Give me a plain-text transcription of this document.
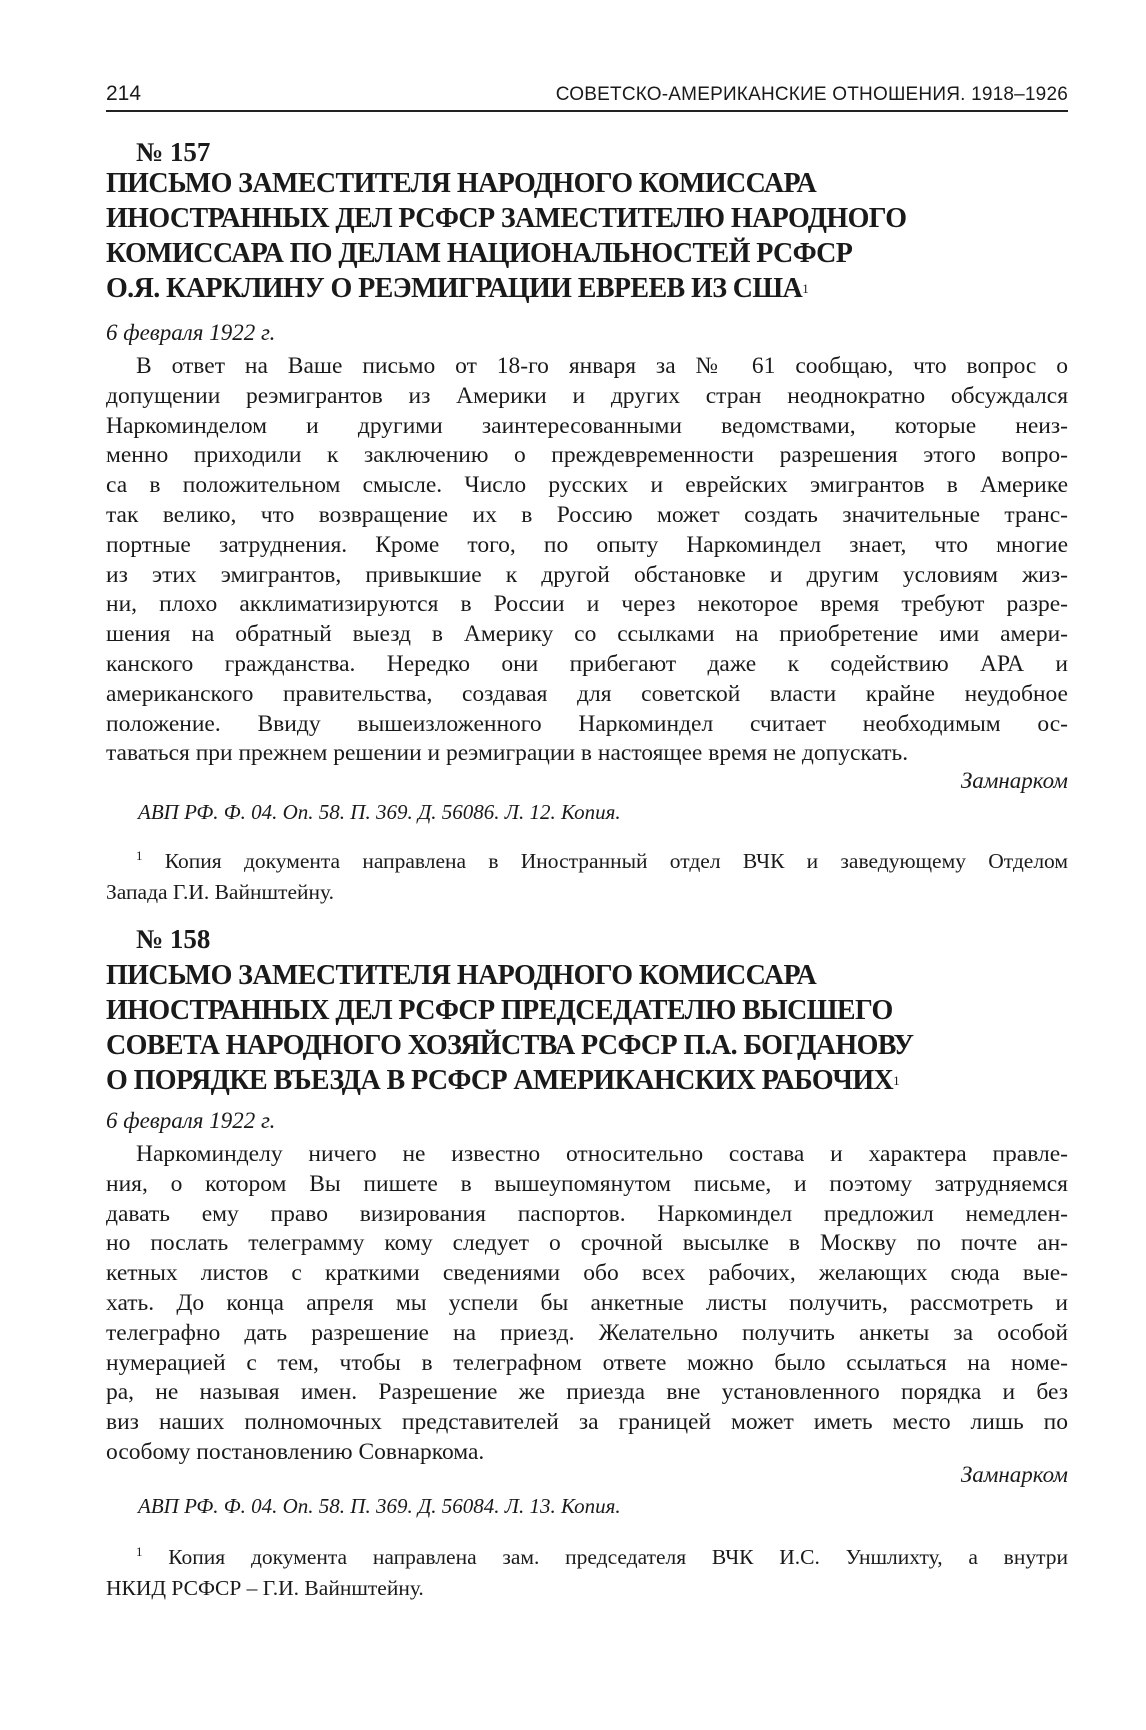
214	СОВЕТСКО-АМЕРИКАНСКИЕ ОТНОШЕНИЯ. 1918–1926
№ 157
ПИСЬМО ЗАМЕСТИТЕЛЯ НАРОДНОГО КОМИССАРА
ИНОСТРАННЫХ ДЕЛ РСФСР ЗАМЕСТИТЕЛЮ НАРОДНОГО
КОМИССАРА ПО ДЕЛАМ НАЦИОНАЛЬНОСТЕЙ РСФСР
О.Я. КАРКЛИНУ О РЕЭМИГРАЦИИ ЕВРЕЕВ ИЗ США$^1$
6 февраля 1922 г.
В ответ на Ваше письмо от 18-го января за № 61 сообщаю, что вопрос о
допущении реэмигрантов из Америки и других стран неоднократно обсуждался
Наркоминделом и другими заинтересованными ведомствами, которые неиз-
менно приходили к заключению о преждевременности разрешения этого вопро-
са в положительном смысле. Число русских и еврейских эмигрантов в Америке
так велико, что возвращение их в Россию может создать значительные транс-
портные затруднения. Кроме того, по опыту Наркоминдел знает, что многие
из этих эмигрантов, привыкшие к другой обстановке и другим условиям жиз-
ни, плохо акклиматизируются в России и через некоторое время требуют разре-
шения на обратный выезд в Америку со ссылками на приобретение ими амери-
канского гражданства. Нередко они прибегают даже к содействию АРА и
американского правительства, создавая для советской власти крайне неудобное
положение. Ввиду вышеизложенного Наркоминдел считает необходимым ос-
таваться при прежнем решении и реэмиграции в настоящее время не допускать.
Замнарком
АВП РФ. Ф. 04. Оп. 58. П. 369. Д. 56086. Л. 12. Копия.
$^1$ Копия документа направлена в Иностранный отдел ВЧК и заведующему Отделом
Запада Г.И. Вайнштейну.
№ 158
ПИСЬМО ЗАМЕСТИТЕЛЯ НАРОДНОГО КОМИССАРА
ИНОСТРАННЫХ ДЕЛ РСФСР ПРЕДСЕДАТЕЛЮ ВЫСШЕГО
СОВЕТА НАРОДНОГО ХОЗЯЙСТВА РСФСР П.А. БОГДАНОВУ
О ПОРЯДКЕ ВЪЕЗДА В РСФСР АМЕРИКАНСКИХ РАБОЧИХ$^1$
6 февраля 1922 г.
Наркоминделу ничего не известно относительно состава и характера правле-
ния, о котором Вы пишете в вышеупомянутом письме, и поэтому затрудняемся
давать ему право визирования паспортов. Наркоминдел предложил немедлен-
но послать телеграмму кому следует о срочной высылке в Москву по почте ан-
кетных листов с краткими сведениями обо всех рабочих, желающих сюда вые-
хать. До конца апреля мы успели бы анкетные листы получить, рассмотреть и
телеграфно дать разрешение на приезд. Желательно получить анкеты за особой
нумерацией с тем, чтобы в телеграфном ответе можно было ссылаться на номе-
ра, не называя имен. Разрешение же приезда вне установленного порядка и без
виз наших полномочных представителей за границей может иметь место лишь по
особому постановлению Совнаркома.
Замнарком
АВП РФ. Ф. 04. Оп. 58. П. 369. Д. 56084. Л. 13. Копия.
$^1$ Копия документа направлена зам. председателя ВЧК И.С. Уншлихту, а внутри
НКИД РСФСР – Г.И. Вайнштейну.
